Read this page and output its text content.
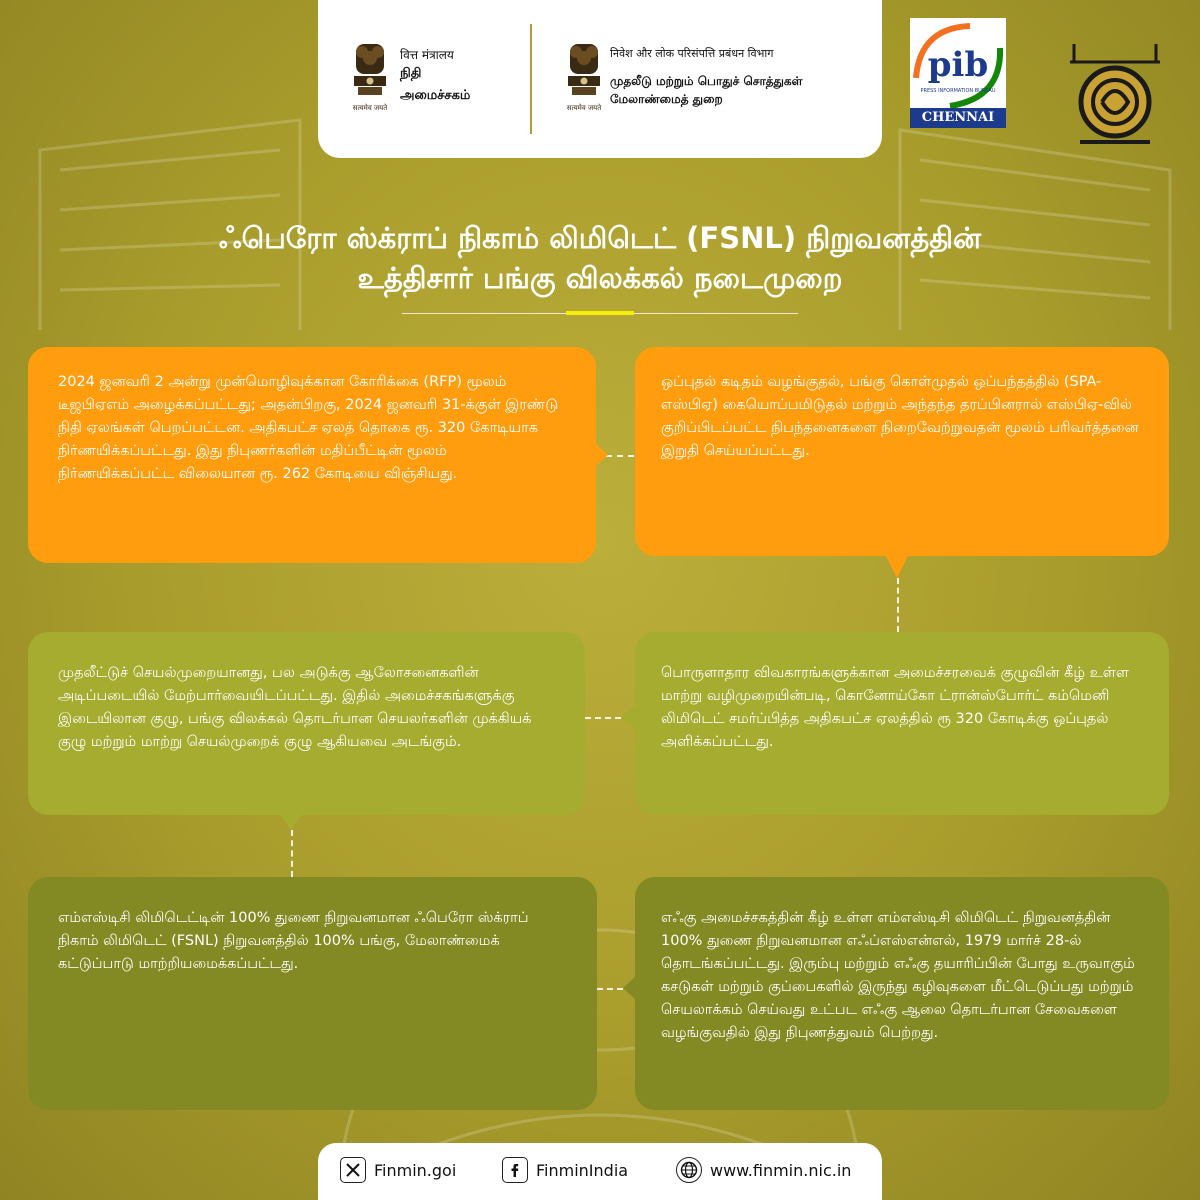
सत्यमेव जयते
वित्त मंत्रालय
நிதி
அமைச்சகம்
सत्यमेव जयते
निवेश और लोक परिसंपत्ति प्रबंधन विभाग
முதலீடு மற்றும் பொதுச் சொத்துகள்
மேலாண்மைத் துறை
pib
PRESS INFORMATION BUREAU
CHENNAI
ஃபெரோ ஸ்க்ராப் நிகாம் லிமிடெட் (FSNL) நிறுவனத்தின்
உத்திசார் பங்கு விலக்கல் நடைமுறை

2024 ஜனவரி 2 அன்று முன்மொழிவுக்கான கோரிக்கை (RFP) மூலம் டீஜபிஏஎம் அழைக்கப்பட்டது; அதன்பிறகு, 2024 ஜனவரி 31-க்குள் இரண்டு நிதி ஏலங்கள் பெறப்பட்டன. அதிகபட்ச ஏலத் தொகை ரூ. 320 கோடியாக நிர்ணயிக்கப்பட்டது. இது நிபுணர்களின் மதிப்பீட்டின் மூலம் நிர்ணயிக்கப்பட்ட விலையான ரூ. 262 கோடியை விஞ்சியது.

ஒப்புதல் கடிதம் வழங்குதல், பங்கு கொள்முதல் ஒப்பந்தத்தில் (SPA-எஸ்பிஏ) கையொப்பமிடுதல் மற்றும் அந்தந்த தரப்பினரால் எஸ்பிஏ-வில் குறிப்பிடப்பட்ட நிபந்தனைகளை நிறைவேற்றுவதன் மூலம் பரிவர்த்தனை இறுதி செய்யப்பட்டது.

முதலீட்டுச் செயல்முறையானது, பல அடுக்கு ஆலோசனைகளின் அடிப்படையில் மேற்பார்வையிடப்பட்டது. இதில் அமைச்சகங்களுக்கு இடையிலான குழு, பங்கு விலக்கல் தொடர்பான செயலர்களின் முக்கியக் குழு மற்றும் மாற்று செயல்முறைக் குழு ஆகியவை அடங்கும்.

பொருளாதார விவகாரங்களுக்கான அமைச்சரவைக் குழுவின் கீழ் உள்ள மாற்று வழிமுறையின்படி, கொனோய்கோ ட்ரான்ஸ்போர்ட் கம்மெனி லிமிடெட் சமர்ப்பித்த அதிகபட்ச ஏலத்தில் ரூ 320 கோடிக்கு ஒப்புதல் அளிக்கப்பட்டது.

எம்எஸ்டிசி லிமிடெட்டின் 100% துணை நிறுவனமான ஃபெரோ ஸ்க்ராப் நிகாம் லிமிடெட் (FSNL) நிறுவனத்தில் 100% பங்கு, மேலாண்மைக் கட்டுப்பாடு மாற்றியமைக்கப்பட்டது.

எஃகு அமைச்சகத்தின் கீழ் உள்ள எம்எஸ்டிசி லிமிடெட் நிறுவனத்தின் 100% துணை நிறுவனமான எஃப்எஸ்என்எல், 1979 மார்ச் 28-ல் தொடங்கப்பட்டது. இரும்பு மற்றும் எஃகு தயாரிப்பின் போது உருவாகும் கசடுகள் மற்றும் குப்பைகளில் இருந்து கழிவுகளை மீட்டெடுப்பது மற்றும் செயலாக்கம் செய்வது உட்பட எஃகு ஆலை தொடர்பான சேவைகளை வழங்குவதில் இது நிபுணத்துவம் பெற்றது.

Finmin.goi	FinminIndia	www.finmin.nic.in
